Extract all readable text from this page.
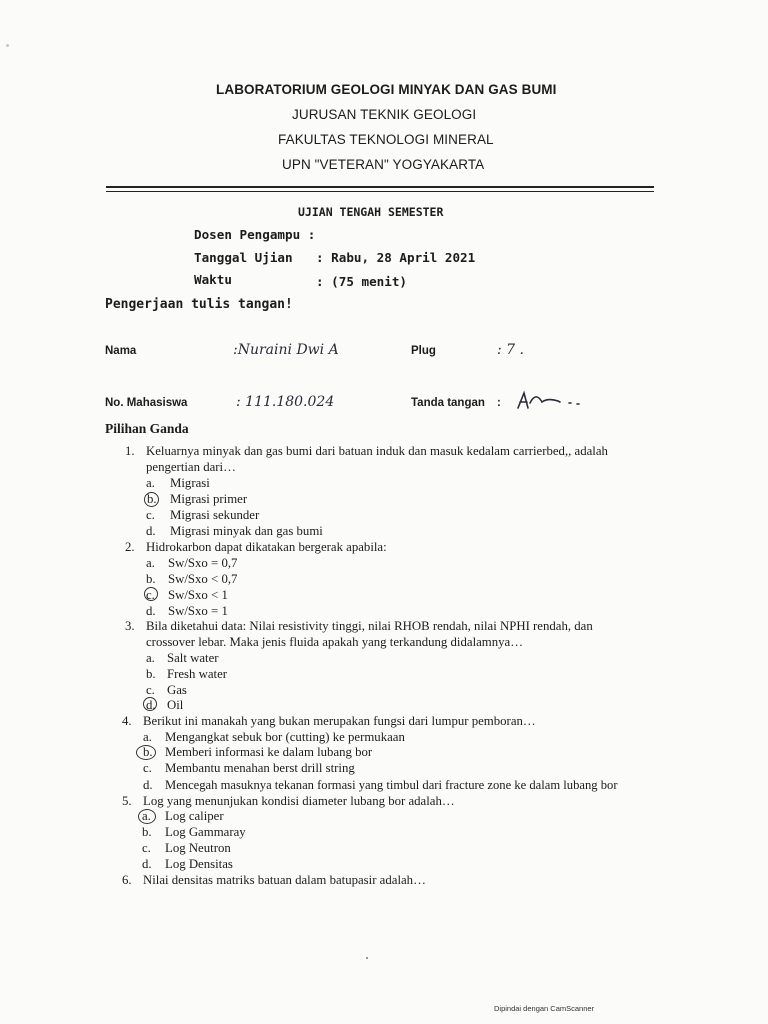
LABORATORIUM GEOLOGI MINYAK DAN GAS BUMI
JURUSAN TEKNIK GEOLOGI
FAKULTAS TEKNOLOGI MINERAL
UPN "VETERAN" YOGYAKARTA
UJIAN TENGAH SEMESTER
Dosen Pengampu :
Tanggal Ujian : Rabu, 28 April 2021
Waktu	: (75 menit)
Pengerjaan tulis tangan!
Nama	:Nuraini Dwi A	Plug	: 7 .
No. Mahasiswa	: 111.180.024	Tanda tangan :
Pilihan Ganda
1. Keluarnya minyak dan gas bumi dari batuan induk dan masuk kedalam carrierbed,, adalah
pengertian dari…
a. Migrasi
b. Migrasi primer
c. Migrasi sekunder
d. Migrasi minyak dan gas bumi
2. Hidrokarbon dapat dikatakan bergerak apabila:
a. Sw/Sxo = 0,7
b. Sw/Sxo < 0,7
c. Sw/Sxo < 1
d. Sw/Sxo = 1
3. Bila diketahui data: Nilai resistivity tinggi, nilai RHOB rendah, nilai NPHI rendah, dan
crossover lebar. Maka jenis fluida apakah yang terkandung didalamnya…
a. Salt water
b. Fresh water
c. Gas
d. Oil
4. Berikut ini manakah yang bukan merupakan fungsi dari lumpur pemboran…
a. Mengangkat sebuk bor (cutting) ke permukaan
b. Memberi informasi ke dalam lubang bor
c. Membantu menahan berst drill string
d. Mencegah masuknya tekanan formasi yang timbul dari fracture zone ke dalam lubang bor
5. Log yang menunjukan kondisi diameter lubang bor adalah…
a. Log caliper
b. Log Gammaray
c. Log Neutron
d. Log Densitas
6. Nilai densitas matriks batuan dalam batupasir adalah…
Dipindai dengan CamScanner
